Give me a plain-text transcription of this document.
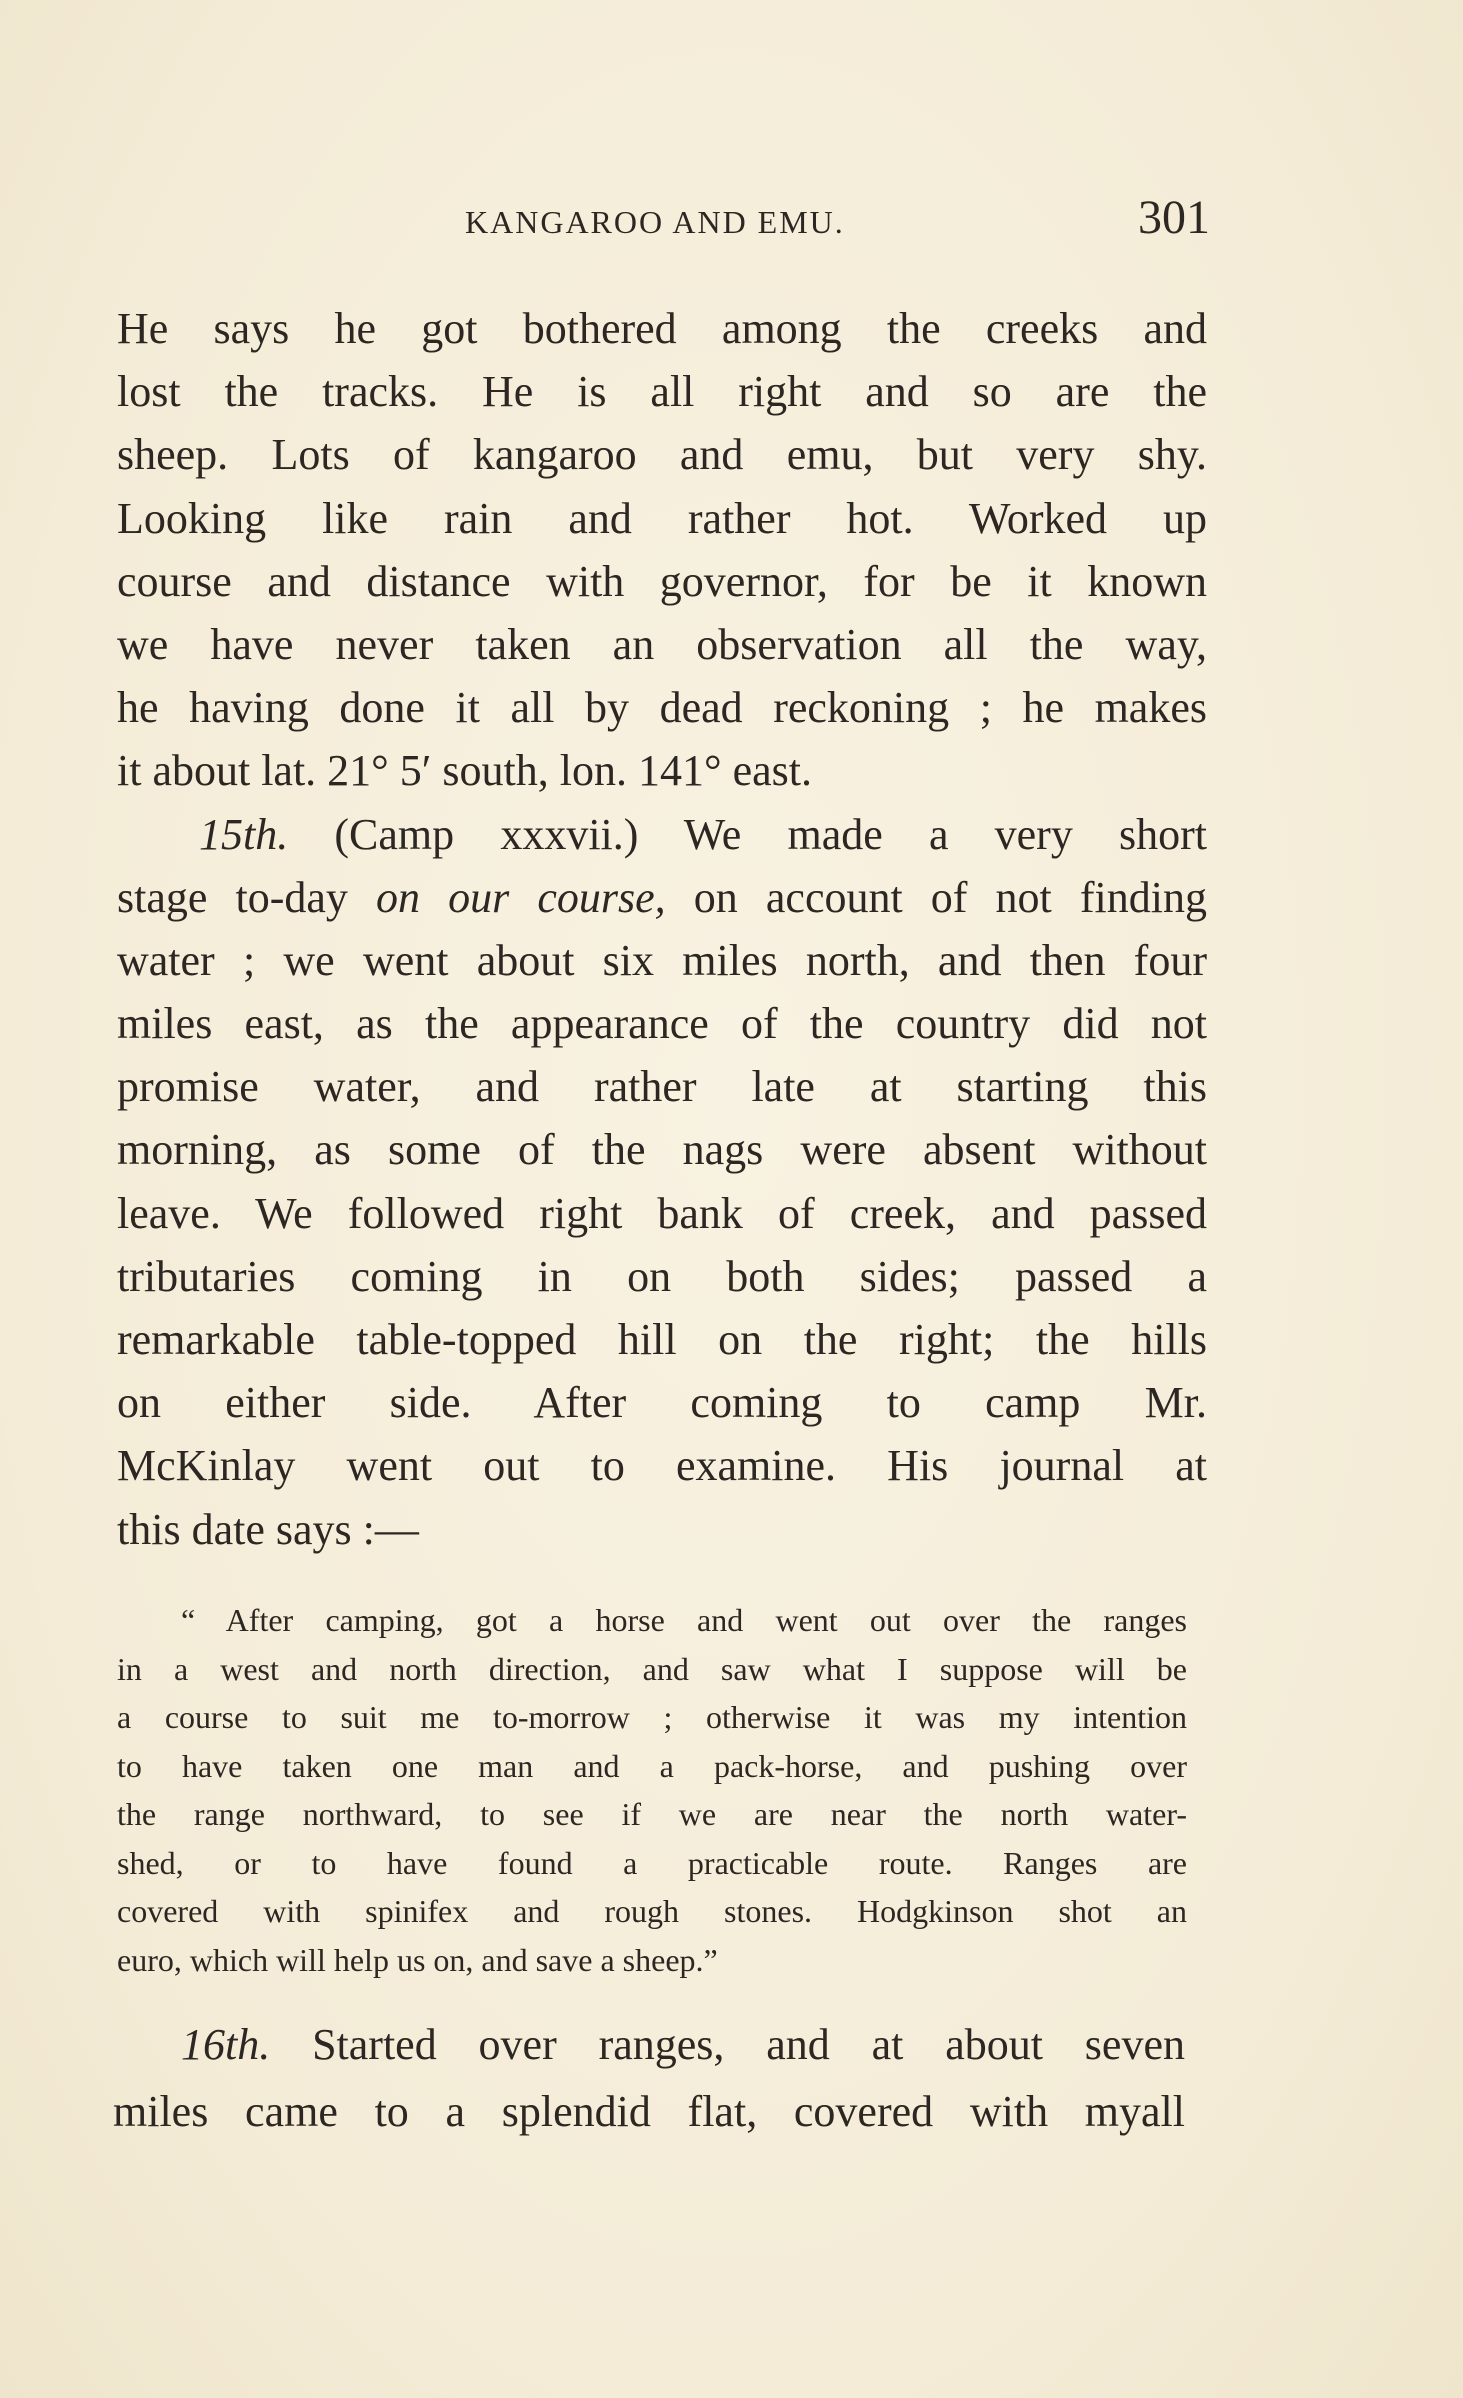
KANGAROO AND EMU.	301
He says he got bothered among the creeks and
lost the tracks. He is all right and so are the
sheep. Lots of kangaroo and emu, but very shy.
Looking like rain and rather hot. Worked up
course and distance with governor, for be it known
we have never taken an observation all the way,
he having done it all by dead reckoning ; he makes
it about lat. 21° 5′ south, lon. 141° east.
15th. (Camp xxxvii.) We made a very short
stage to-day on our course, on account of not finding
water ; we went about six miles north, and then four
miles east, as the appearance of the country did not
promise water, and rather late at starting this
morning, as some of the nags were absent without
leave. We followed right bank of creek, and passed
tributaries coming in on both sides; passed a
remarkable table-topped hill on the right; the hills
on either side. After coming to camp Mr.
McKinlay went out to examine. His journal at
this date says :—
“ After camping, got a horse and went out over the ranges
in a west and north direction, and saw what I suppose will be
a course to suit me to-morrow ; otherwise it was my intention
to have taken one man and a pack-horse, and pushing over
the range northward, to see if we are near the north water-
shed, or to have found a practicable route. Ranges are
covered with spinifex and rough stones. Hodgkinson shot an
euro, which will help us on, and save a sheep.”
16th. Started over ranges, and at about seven
miles came to a splendid flat, covered with myall
